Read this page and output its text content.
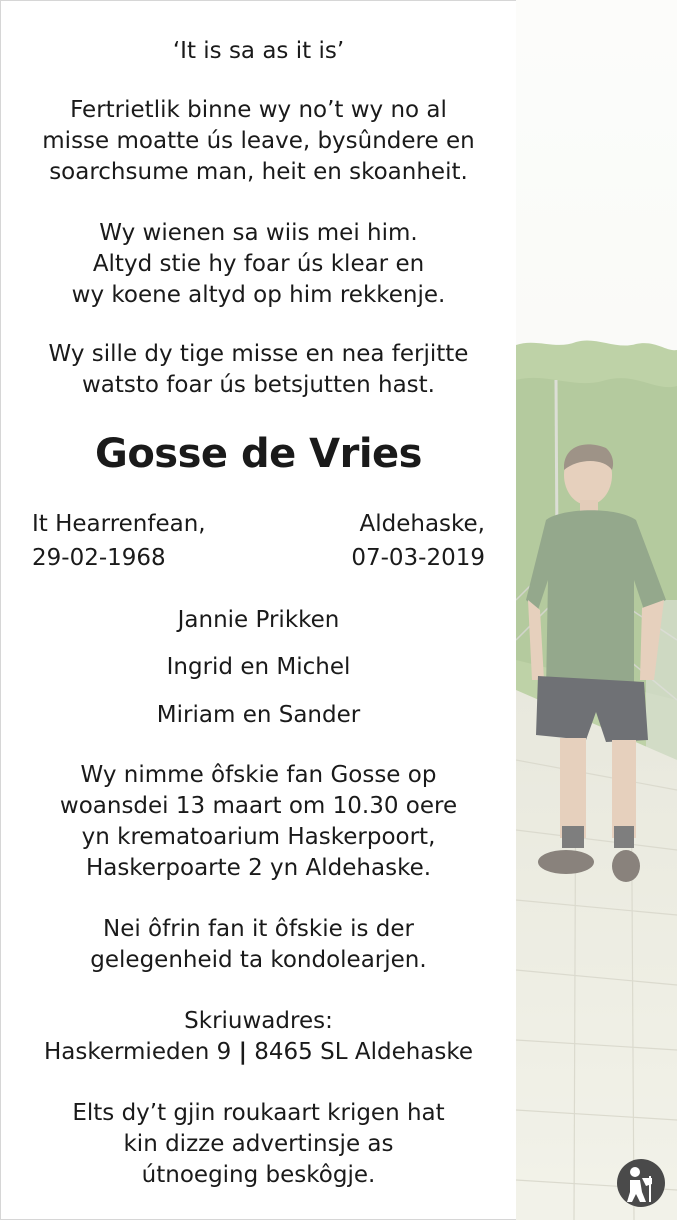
‘It is sa as it is’
Fertrietlik binne wy no’t wy no al
misse moatte ús leave, bysûndere en
soarchsume man, heit en skoanheit.
Wy wienen sa wiis mei him.
Altyd stie hy foar ús klear en
wy koene altyd op him rekkenje.
Wy sille dy tige misse en nea ferjitte
watsto foar ús betsjutten hast.
Gosse de Vries
It Hearrenfean,
29-02-1968
Aldehaske,
07-03-2019
Jannie Prikken
Ingrid en Michel
Miriam en Sander
Wy nimme ôfskie fan Gosse op
woansdei 13 maart om 10.30 oere
yn krematoarium Haskerpoort,
Haskerpoarte 2 yn Aldehaske.
Nei ôfrin fan it ôfskie is der
gelegenheid ta kondolearjen.
Skriuwadres:
Haskermieden 9 | 8465 SL Aldehaske
Elts dy’t gjin roukaart krigen hat
kin dizze advertinsje as
útnoeging beskôgje.
